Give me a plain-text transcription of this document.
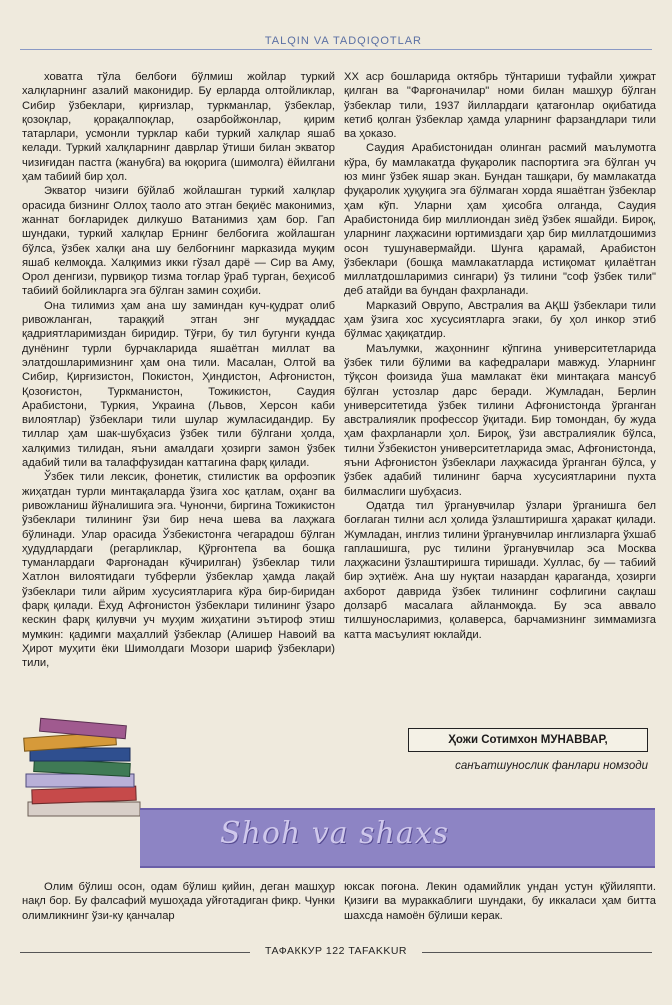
TALQIN VA TADQIQOTLAR

ховатга тўла белбоғи бўлмиш жойлар туркий халқларнинг азалий маконидир. Бу ерларда олтойликлар, Сибир ўзбеклари, қирғизлар, туркманлар, ўзбеклар, қозоқлар, қорақалпоқлар, озарбойжонлар, қирим татарлари, усмонли турклар каби туркий халқлар яшаб келади. Туркий халқларнинг даврлар ўтиши билан экватор чизиғидан пастга (жанубга) ва юқорига (шимолга) ёйилгани ҳам табиий бир ҳол.

Экватор чизиғи бўйлаб жойлашган туркий халқлар орасида бизнинг Оллоҳ таоло ато этган беқиёс маконимиз, жаннат боғларидек дилкушо Ватанимиз ҳам бор. Гап шундаки, туркий халқлар Ернинг белбоғига жойлашган бўлса, ўзбек халқи ана шу белбоғнинг марказида муқим яшаб келмоқда. Халқимиз икки гўзал дарё — Сир ва Аму, Орол денгизи, пурвиқор тизма тоғлар ўраб турган, беҳисоб табиий бойликларга эга бўлган замин соҳиби.

Она тилимиз ҳам ана шу заминдан куч-қудрат олиб ривожланган, тараққий этган энг муқаддас қадриятларимиздан биридир. Тўғри, бу тил бугунги кунда дунёнинг турли бурчакларида яшаётган миллат ва элатдошларимизнинг ҳам она тили. Масалан, Олтой ва Сибир, Қирғизистон, Покистон, Ҳиндистон, Афғонистон, Қозоғистон, Туркманистон, Тожикистон, Саудия Арабистони, Туркия, Украина (Львов, Херсон каби вилоятлар) ўзбеклари тили шулар жумласидандир. Бу тиллар ҳам шак-шубҳасиз ўзбек тили бўлгани ҳолда, халқимиз тилидан, яъни амалдаги ҳозирги замон ўзбек адабий тили ва талаффузидан каттагина фарқ қилади.

Ўзбек тили лексик, фонетик, стилистик ва орфоэпик жиҳатдан турли минтақаларда ўзига хос қатлам, оҳанг ва ривожланиш йўналишига эга. Чунончи, биргина Тожикистон ўзбеклари тилининг ўзи бир неча шева ва лаҳжага бўлинади. Улар орасида Ўзбекистонга чегарадош бўлган ҳудудлардаги (регарликлар, Қўрғонтепа ва бошқа туманлардаги Фарғонадан кўчирилган) ўзбеклар тили Хатлон вилоятидаги тубферли ўзбеклар ҳамда лақай ўзбеклари тили айрим хусусиятларига кўра бир-биридан фарқ қилади. Ёхуд Афғонистон ўзбеклари тилининг ўзаро кескин фарқ қилувчи уч муҳим жиҳатини эътироф этиш мумкин: қадимги маҳаллий ўзбеклар (Алишер Навоий ва Ҳирот муҳити ёки Шимолдаги Мозори шариф ўзбеклари) тили,

XX аср бошларида октябрь тўнтариши туфайли ҳижрат қилган ва "Фарғоначилар" номи билан машҳур бўлган ўзбеклар тили, 1937 йиллардаги қатағонлар оқибатида кетиб қолган ўзбеклар ҳамда уларнинг фарзандлари тили ва ҳоказо.

Саудия Арабистонидан олинган расмий маълумотга кўра, бу мамлакатда фуқаролик паспортига эга бўлган уч юз минг ўзбек яшар экан. Бундан ташқари, бу мамлакатда фуқаролик ҳуқуқига эга бўлмаган хорда яшаётган ўзбеклар ҳам кўп. Уларни ҳам ҳисобга олганда, Саудия Арабистонида бир миллиондан зиёд ўзбек яшайди. Бироқ, уларнинг лаҳжасини юртимиздаги ҳар бир миллатдошимиз осон тушунавермайди. Шунга қарамай, Арабистон ўзбеклари (бошқа мамлакатларда истиқомат қилаётган миллатдошларимиз сингари) ўз тилини "соф ўзбек тили" деб атайди ва бундан фахрланади.

Марказий Оврупо, Австралия ва АҚШ ўзбеклари тили ҳам ўзига хос хусусиятларга эгаки, бу ҳол инкор этиб бўлмас ҳақиқатдир.

Маълумки, жаҳоннинг кўпгина университетларида ўзбек тили бўлими ва кафедралари мавжуд. Уларнинг тўқсон фоизида ўша мамлакат ёки минтақага мансуб бўлган устозлар дарс беради. Жумладан, Берлин университетида ўзбек тилини Афғонистонда ўрганган австралиялик профессор ўқитади. Бир томондан, бу жуда ҳам фахрланарли ҳол. Бироқ, ўзи австралиялик бўлса, тилни Ўзбекистон университетларида эмас, Афғонистонда, яъни Афғонистон ўзбеклари лаҳжасида ўрганган бўлса, у ўзбек адабий тилининг барча хусусиятларини пухта билмаслиги шубҳасиз.

Одатда тил ўрганувчилар ўзлари ўрганишга бел боғлаган тилни асл ҳолида ўзлаштиришга ҳаракат қилади. Жумладан, инглиз тилини ўрганувчилар инглизларга ўхшаб гаплашишга, рус тилини ўрганувчилар эса Москва лаҳжасини ўзлаштиришга тиришади. Хуллас, бу — табиий бир эҳтиёж. Ана шу нуқтаи назардан қараганда, ҳозирги ахборот даврида ўзбек тилининг софлигини сақлаш долзарб масалага айланмоқда. Бу эса аввало тилшуносларимиз, қолаверса, барчамизнинг зиммамизга катта масъулият юклайди.

Ҳожи Сотимхон МУНАВВАР,
санъатшунослик фанлари номзоди
Shoh va shaxs

Олим бўлиш осон, одам бўлиш қийин, деган машҳур нақл бор. Бу фалсафий мушоҳада уйғотадиган фикр. Чунки олимликнинг ўзи-ку қанчалар

юксак поғона. Лекин одамийлик ундан устун қўйиляпти. Қизиғи ва мураккаблиги шундаки, бу иккаласи ҳам битта шахсда намоён бўлиши керак.

ТАФАККУР 122 TAFAKKUR
